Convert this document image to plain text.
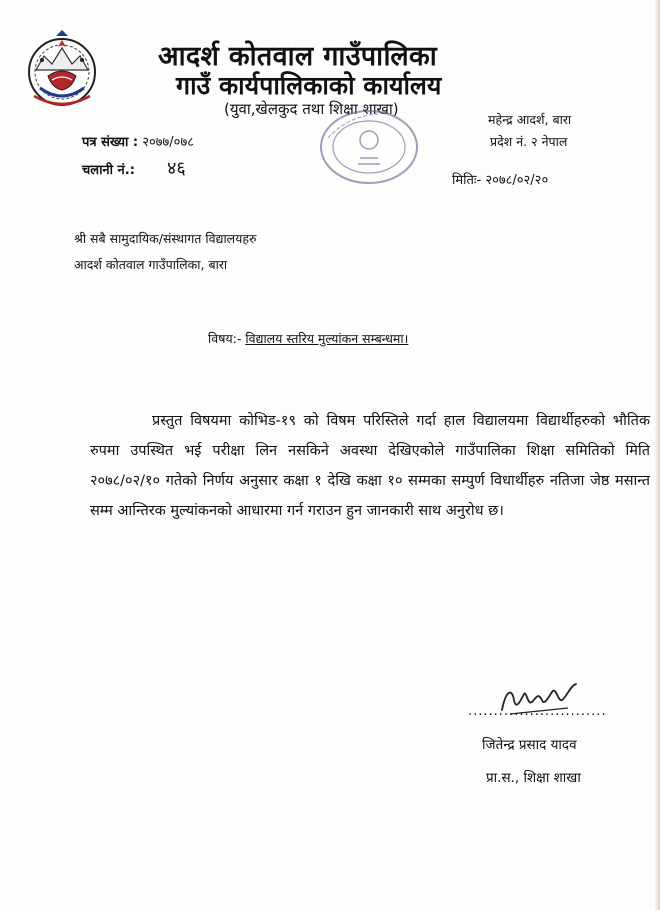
आदर्श कोतवाल गाउँपालिका
गाउँ कार्यपालिकाको कार्यालय
(युवा,खेलकुद तथा शिक्षा शाखा)
महेन्द्र आदर्श, बारा
प्रदेश नं. २ नेपाल
पत्र संख्या : २०७७/०७८
चलानी नं.: ४६
मितिः- २०७८/०२/२०
श्री सबै सामुदायिक/संस्थागत विद्यालयहरु
आदर्श कोतवाल गाउँपालिका, बारा
विषय:- विद्यालय स्तरिय मुल्यांकन सम्बन्धमा।
प्रस्तुत विषयमा कोभिड-१९ को विषम परिस्तिले गर्दा हाल विद्यालयमा विद्यार्थीहरुको भौतिक रुपमा उपस्थित भई परीक्षा लिन नसकिने अवस्था देखिएकोले गाउँपालिका शिक्षा समितिको मिति २०७८/०२/१० गतेको निर्णय अनुसार कक्षा १ देखि कक्षा १० सम्मका सम्पुर्ण विधार्थीहरु नतिजा जेष्ठ मसान्त सम्म आन्तिरक मुल्यांकनको आधारमा गर्न गराउन हुन जानकारी साथ अनुरोध छ।
...........................
जितेन्द्र प्रसाद यादव
प्रा.स., शिक्षा शाखा
